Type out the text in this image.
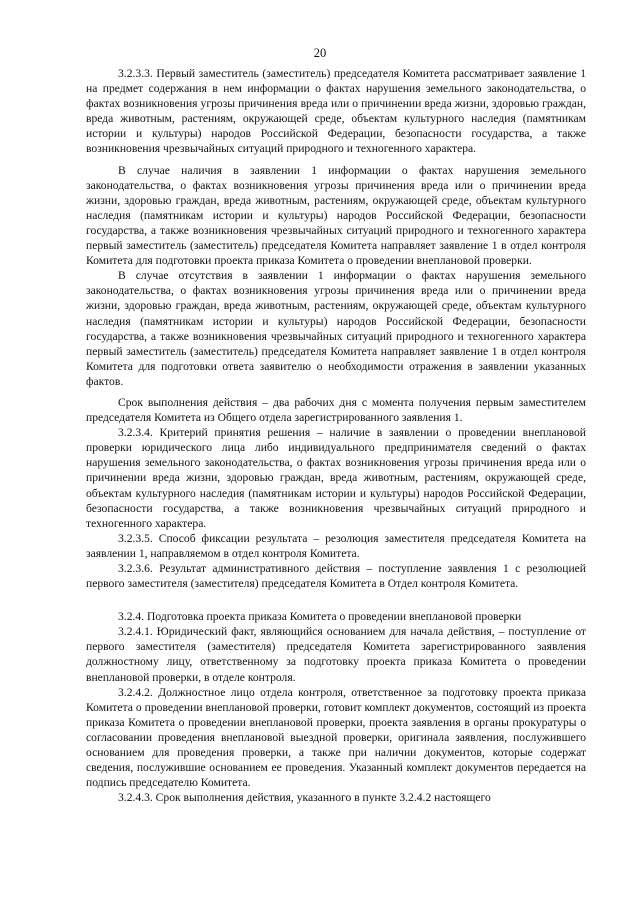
20

3.2.3.3. Первый заместитель (заместитель) председателя Комитета рассматривает заявление 1 на предмет содержания в нем информации о фактах нарушения земельного законодательства, о фактах возникновения угрозы причинения вреда или о причинении вреда жизни, здоровью граждан, вреда животным, растениям, окружающей среде, объектам культурного наследия (памятникам истории и культуры) народов Российской Федерации, безопасности государства, а также возникновения чрезвычайных ситуаций природного и техногенного характера.

В случае наличия в заявлении 1 информации о фактах нарушения земельного законодательства, о фактах возникновения угрозы причинения вреда или о причинении вреда жизни, здоровью граждан, вреда животным, растениям, окружающей среде, объектам культурного наследия (памятникам истории и культуры) народов Российской Федерации, безопасности государства, а также возникновения чрезвычайных ситуаций природного и техногенного характера первый заместитель (заместитель) председателя Комитета направляет заявление 1 в отдел контроля Комитета для подготовки проекта приказа Комитета о проведении внеплановой проверки.

В случае отсутствия в заявлении 1 информации о фактах нарушения земельного законодательства, о фактах возникновения угрозы причинения вреда или о причинении вреда жизни, здоровью граждан, вреда животным, растениям, окружающей среде, объектам культурного наследия (памятникам истории и культуры) народов Российской Федерации, безопасности государства, а также возникновения чрезвычайных ситуаций природного и техногенного характера первый заместитель (заместитель) председателя Комитета направляет заявление 1 в отдел контроля Комитета для подготовки ответа заявителю о необходимости отражения в заявлении указанных фактов.

Срок выполнения действия – два рабочих дня с момента получения первым заместителем председателя Комитета из Общего отдела зарегистрированного заявления 1.

3.2.3.4. Критерий принятия решения – наличие в заявлении о проведении внеплановой проверки юридического лица либо индивидуального предпринимателя сведений о фактах нарушения земельного законодательства, о фактах возникновения угрозы причинения вреда или о причинении вреда жизни, здоровью граждан, вреда животным, растениям, окружающей среде, объектам культурного наследия (памятникам истории и культуры) народов Российской Федерации, безопасности государства, а также возникновения чрезвычайных ситуаций природного и техногенного характера.

3.2.3.5. Способ фиксации результата – резолюция заместителя председателя Комитета на заявлении 1, направляемом в отдел контроля Комитета.

3.2.3.6. Результат административного действия – поступление заявления 1 с резолюцией первого заместителя (заместителя) председателя Комитета в Отдел контроля Комитета.

3.2.4. Подготовка проекта приказа Комитета о проведении внеплановой проверки

3.2.4.1. Юридический факт, являющийся основанием для начала действия, – поступление от первого заместителя (заместителя) председателя Комитета зарегистрированного заявления должностному лицу, ответственному за подготовку проекта приказа Комитета о проведении внеплановой проверки, в отделе контроля.

3.2.4.2. Должностное лицо отдела контроля, ответственное за подготовку проекта приказа Комитета о проведении внеплановой проверки, готовит комплект документов, состоящий из проекта приказа Комитета о проведении внеплановой проверки, проекта заявления в органы прокуратуры о согласовании проведения внеплановой выездной проверки, оригинала заявления, послужившего основанием для проведения проверки, а также при наличии документов, которые содержат сведения, послужившие основанием ее проведения. Указанный комплект документов передается на подпись председателю Комитета.

3.2.4.3. Срок выполнения действия, указанного в пункте 3.2.4.2 настоящего
